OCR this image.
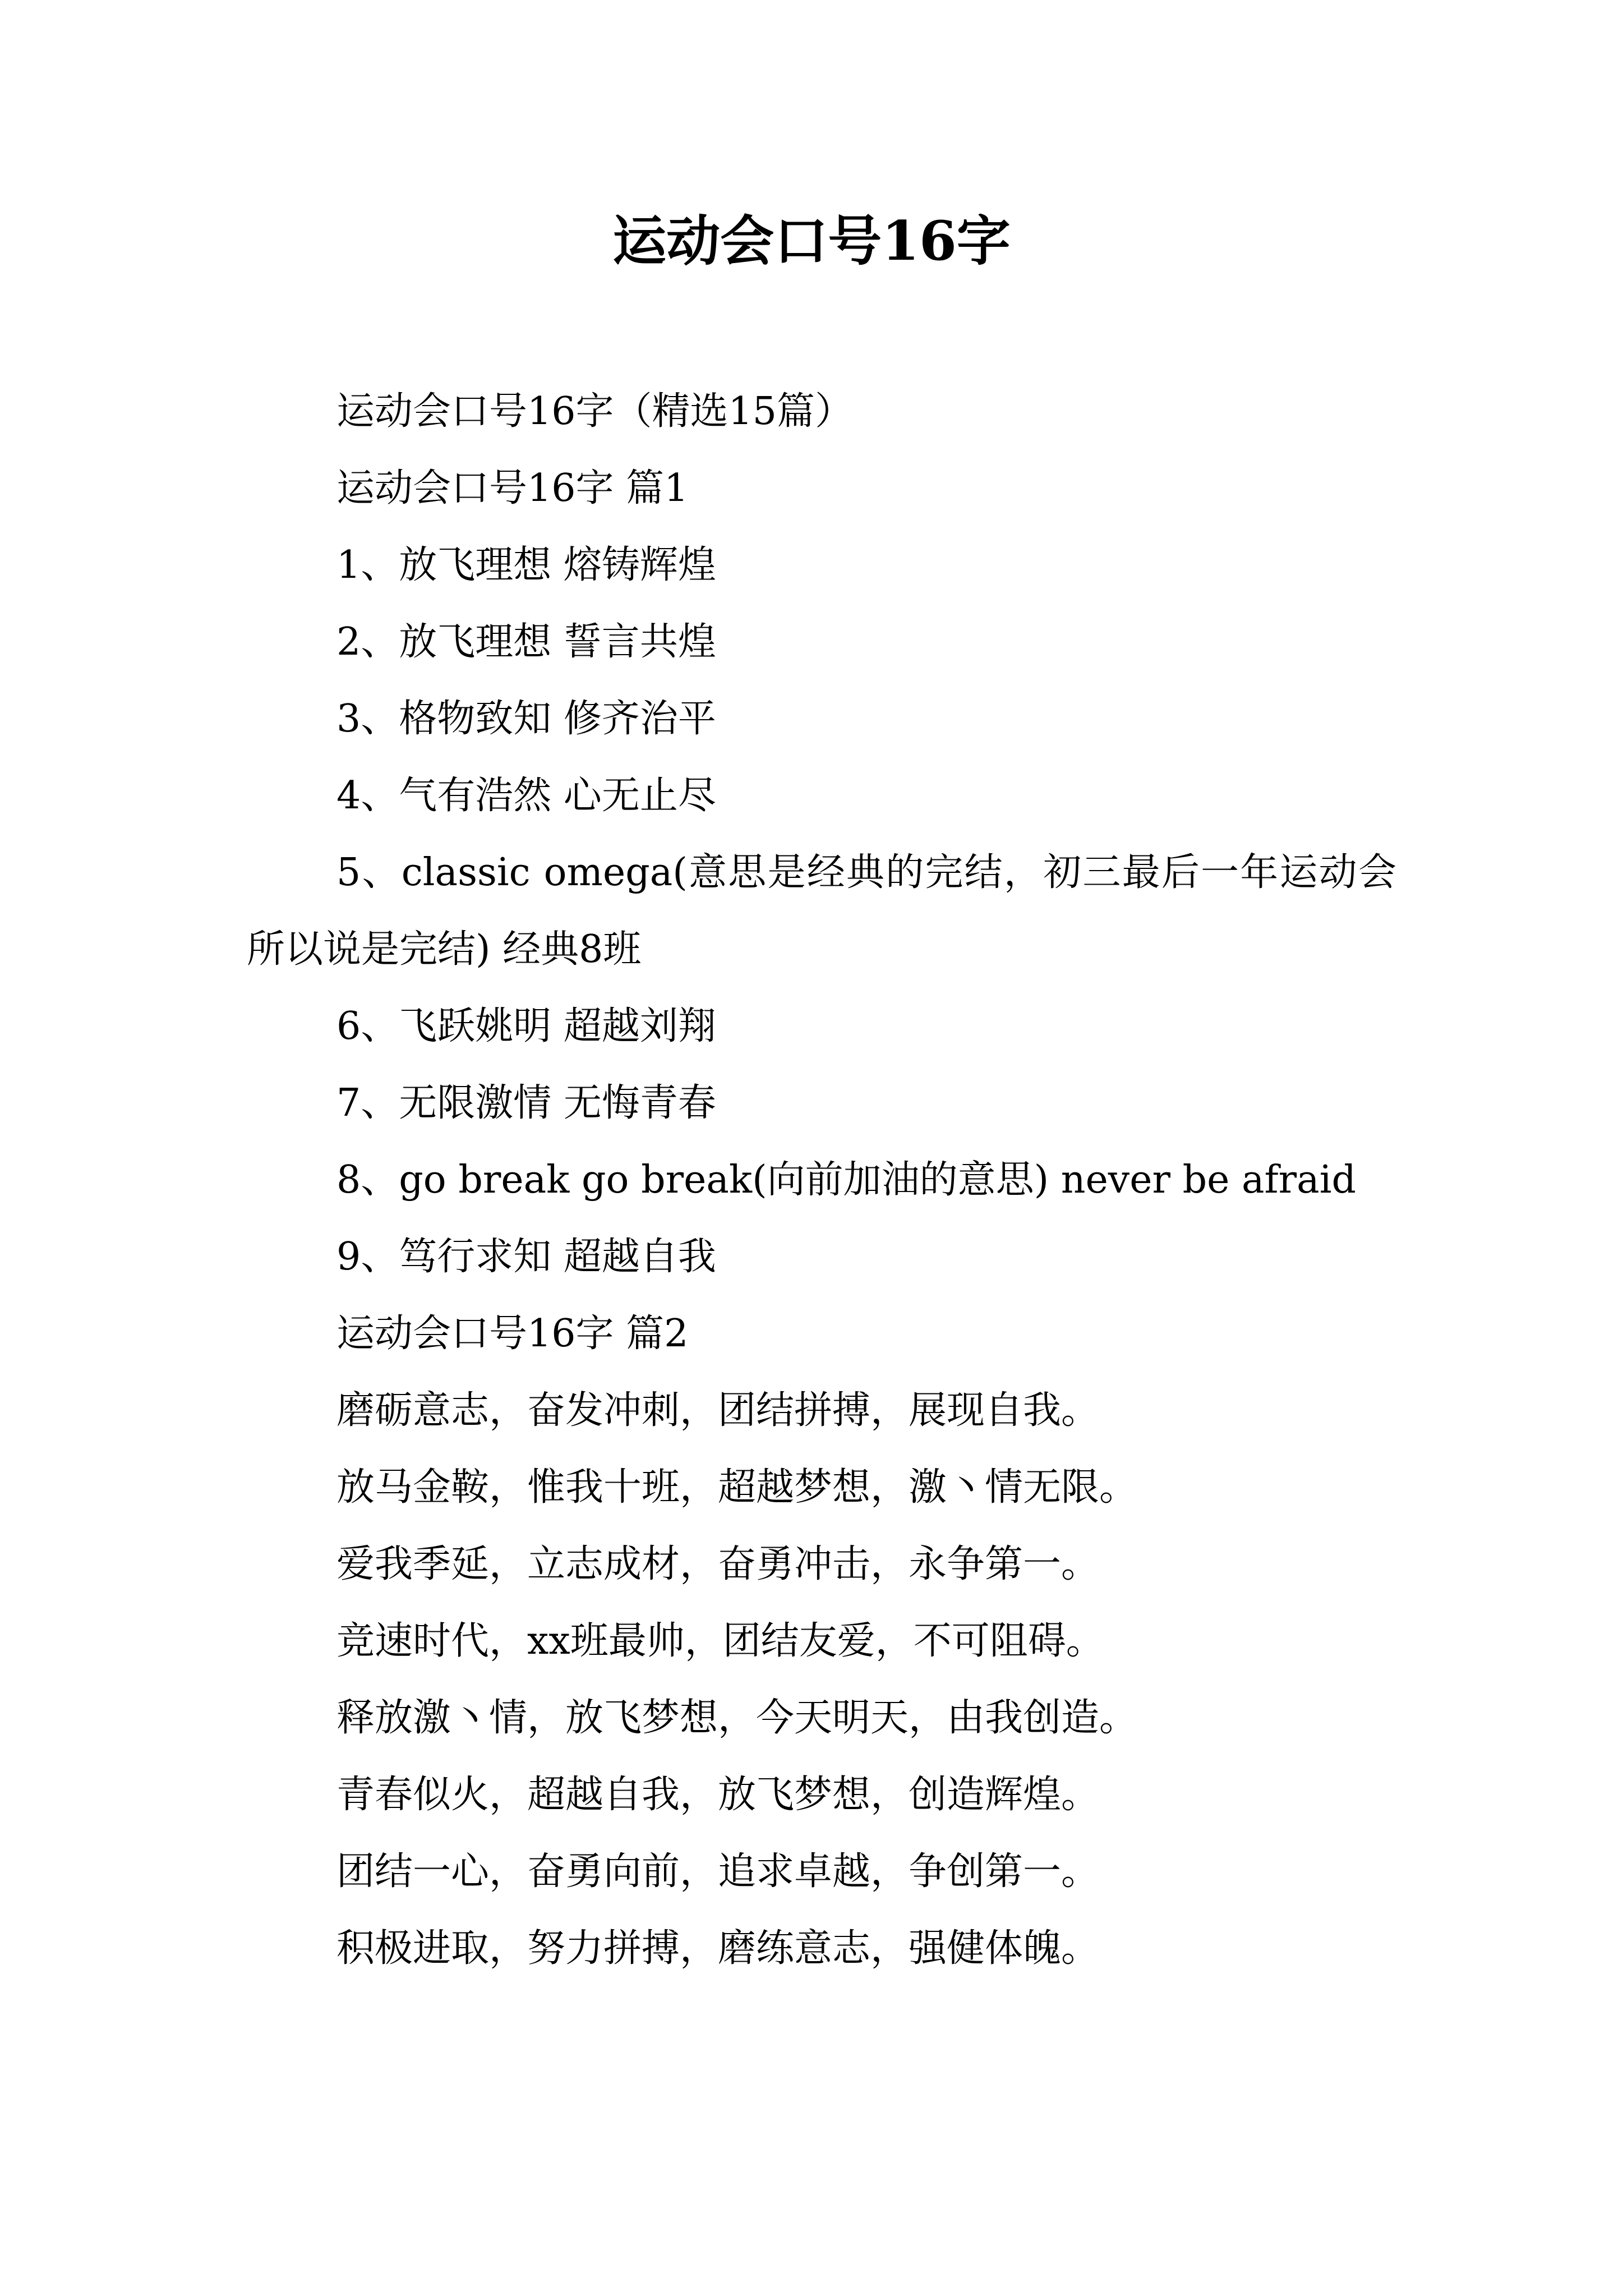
运动会口号16字
运动会口号16字（精选15篇）
运动会口号16字 篇1
1、放飞理想 熔铸辉煌
2、放飞理想 誓言共煌
3、格物致知 修齐治平
4、气有浩然 心无止尽
5、classic omega(意思是经典的完结，初三最后一年运动会所以说是完结) 经典8班
6、飞跃姚明 超越刘翔
7、无限激情 无悔青春
8、go break go break(向前加油的意思) never be afraid
9、笃行求知 超越自我
运动会口号16字 篇2
磨砺意志，奋发冲刺，团结拼搏，展现自我。
放马金鞍，惟我十班，超越梦想，激丶情无限。
爱我季延，立志成材，奋勇冲击，永争第一。
竞速时代，xx班最帅，团结友爱，不可阻碍。
释放激丶情，放飞梦想，今天明天，由我创造。
青春似火，超越自我，放飞梦想，创造辉煌。
团结一心，奋勇向前，追求卓越，争创第一。
积极进取，努力拼搏，磨练意志，强健体魄。
